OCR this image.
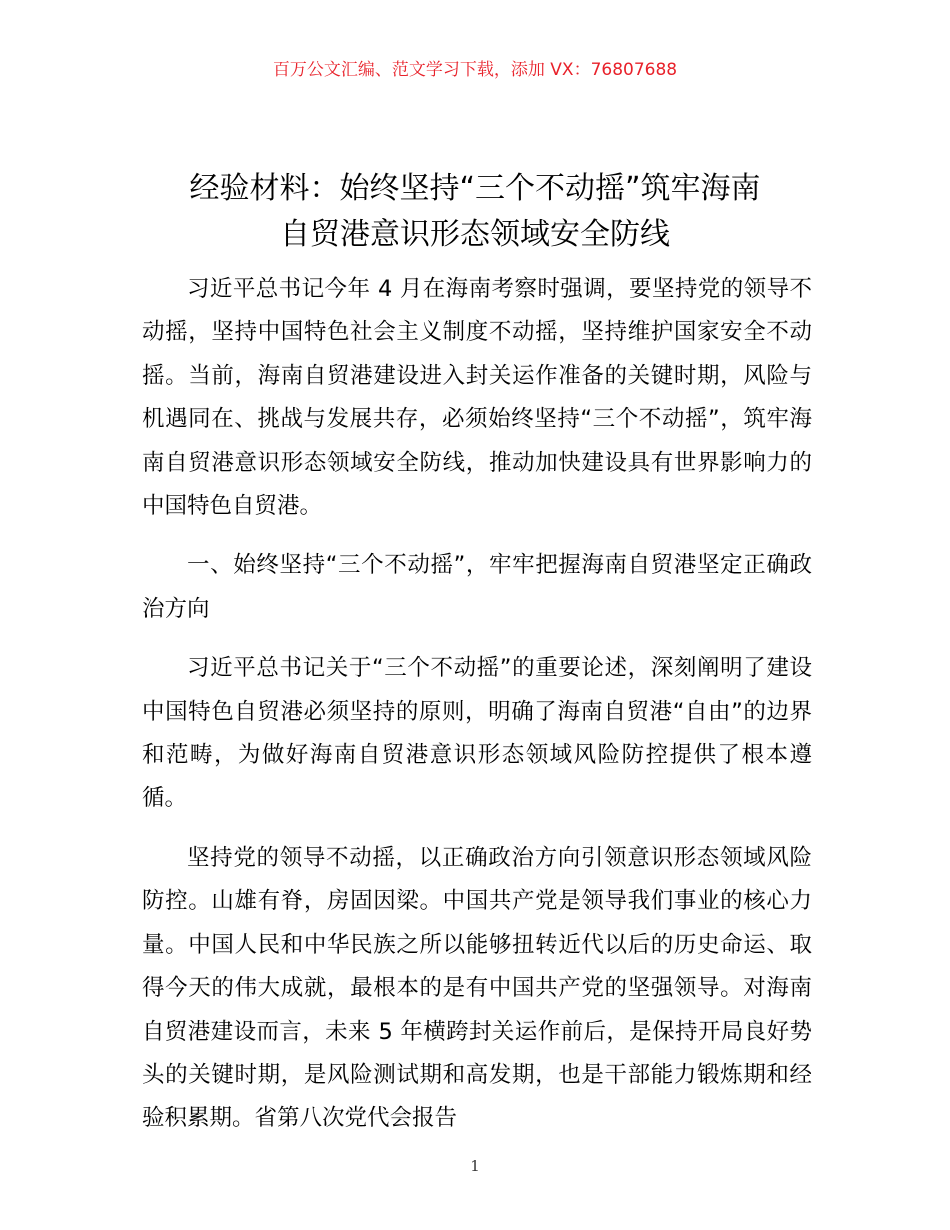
百万公文汇编、范文学习下载，添加 VX：76807688
经验材料：始终坚持“三个不动摇”筑牢海南
自贸港意识形态领域安全防线

习近平总书记今年 4 月在海南考察时强调，要坚持党的领导不动摇，坚持中国特色社会主义制度不动摇，坚持维护国家安全不动摇。当前，海南自贸港建设进入封关运作准备的关键时期，风险与机遇同在、挑战与发展共存，必须始终坚持“三个不动摇”，筑牢海南自贸港意识形态领域安全防线，推动加快建设具有世界影响力的中国特色自贸港。

一、始终坚持“三个不动摇”，牢牢把握海南自贸港坚定正确政治方向

习近平总书记关于“三个不动摇”的重要论述，深刻阐明了建设中国特色自贸港必须坚持的原则，明确了海南自贸港“自由”的边界和范畴，为做好海南自贸港意识形态领域风险防控提供了根本遵循。

坚持党的领导不动摇，以正确政治方向引领意识形态领域风险防控。山雄有脊，房固因梁。中国共产党是领导我们事业的核心力量。中国人民和中华民族之所以能够扭转近代以后的历史命运、取得今天的伟大成就，最根本的是有中国共产党的坚强领导。对海南自贸港建设而言，未来 5 年横跨封关运作前后，是保持开局良好势头的关键时期，是风险测试期和高发期，也是干部能力锻炼期和经验积累期。省第八次党代会报告

1
